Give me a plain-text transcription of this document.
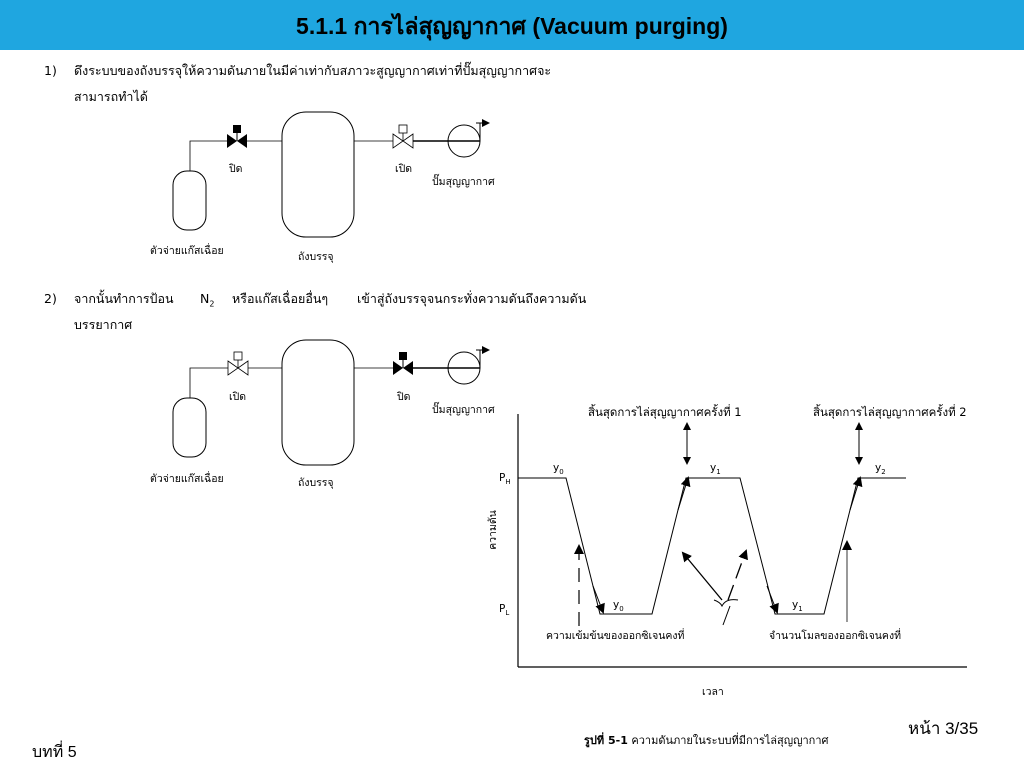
5.1.1 การไล่สุญญากาศ (Vacuum purging)
1) ดึงระบบของถังบรรจุให้ความดันภายในมีค่าเท่ากับสภาวะสูญญากาศเท่าที่ปั๊มสุญญากาศจะ
สามารถทำได้
2) จากนั้นทำการป้อน $N_2$ หรือแก๊สเฉื่อยอื่นๆ เข้าสู่ถังบรรจุจนกระทั่งความดันถึงความดัน
บรรยากาศ
ปิด	เปิด
ปั๊มสุญญากาศ
ตัวจ่ายแก๊สเฉื่อย	ถังบรรจุ
เปิด	ปิด
ปั๊มสุญญากาศ
ตัวจ่ายแก๊สเฉื่อย	ถังบรรจุ
สิ้นสุดการไล่สุญญากาศครั้งที่ 1	สิ้นสุดการไล่สุญญากาศครั้งที่ 2
$P_H$
$P_L$
$y_0$	$y_1$	$y_2$
$y_0$	$y_1$
ความเข้มข้นของออกซิเจนคงที่	จำนวนโมลของออกซิเจนคงที่
ความดัน
เวลา
รูปที่ 5-1 ความดันภายในระบบที่มีการไล่สุญญากาศ
หน้า 3/35
บทที่ 5
